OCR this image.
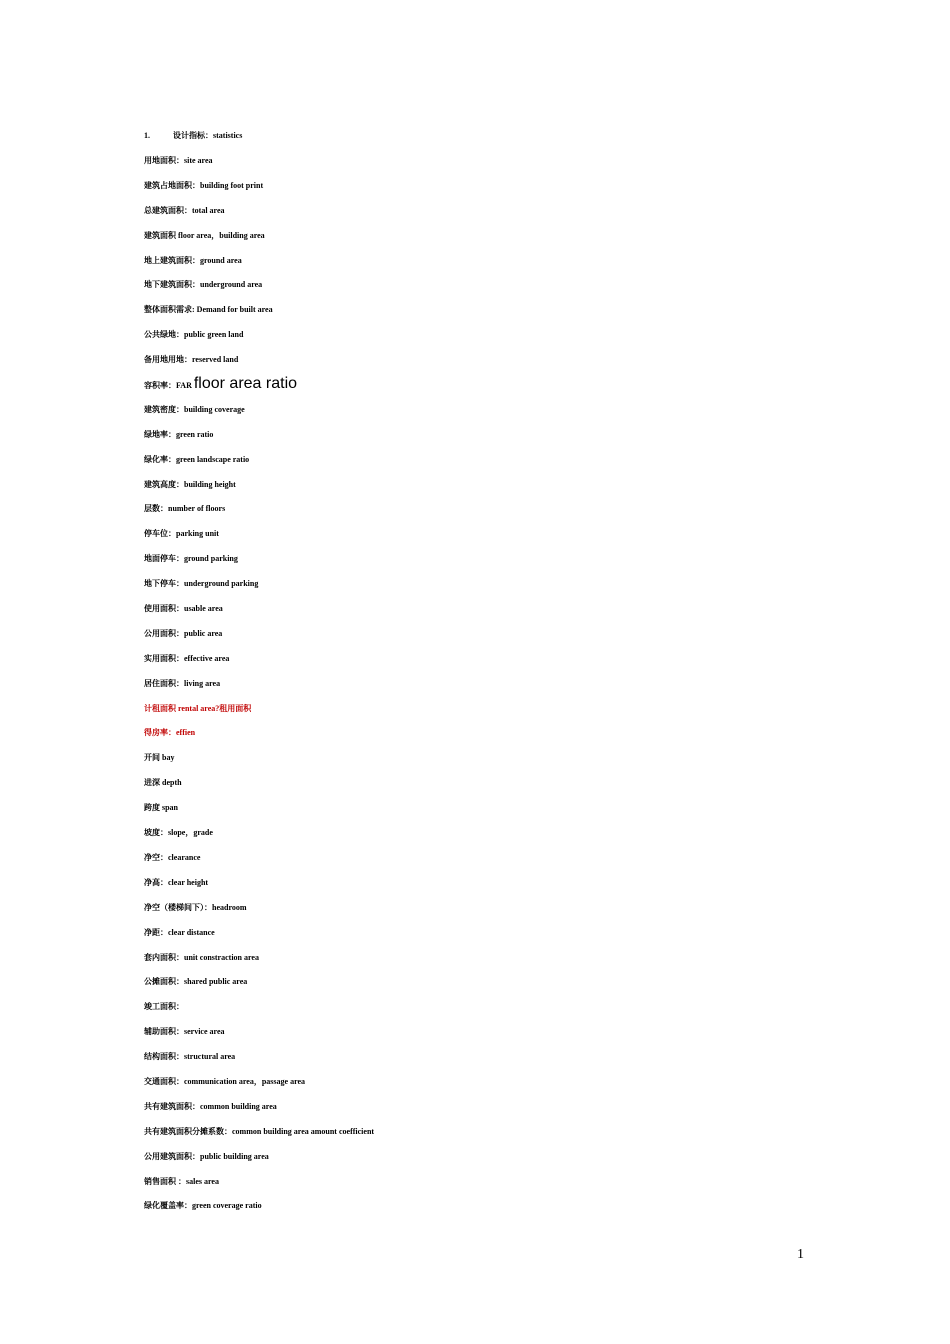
1.	设计指标：statistics
用地面积：site area
建筑占地面积：building foot print
总建筑面积：total area
建筑面积 floor area，building area
地上建筑面积：ground area
地下建筑面积：underground area
整体面积需求: Demand for built area
公共绿地：public green land
备用地用地：reserved land
容积率：FAR floor area ratio
建筑密度：building coverage
绿地率：green ratio
绿化率：green landscape ratio
建筑高度：building height
层数：number of floors
停车位：parking unit
地面停车：ground parking
地下停车：underground parking
使用面积：usable area
公用面积：public area
实用面积：effective area
居住面积：living area
计租面积 rental area?租用面积
得房率：effien
开间 bay
进深 depth
跨度 span
坡度：slope，grade
净空：clearance
净高：clear height
净空（楼梯间下）：headroom
净距：clear distance
套内面积：unit constraction area
公摊面积：shared public area
竣工面积：
辅助面积：service area
结构面积：structural area
交通面积：communication area，passage area
共有建筑面积：common building area
共有建筑面积分摊系数：common building area amount coefficient
公用建筑面积：public building area
销售面积 ：sales area
绿化覆盖率：green coverage ratio
1
